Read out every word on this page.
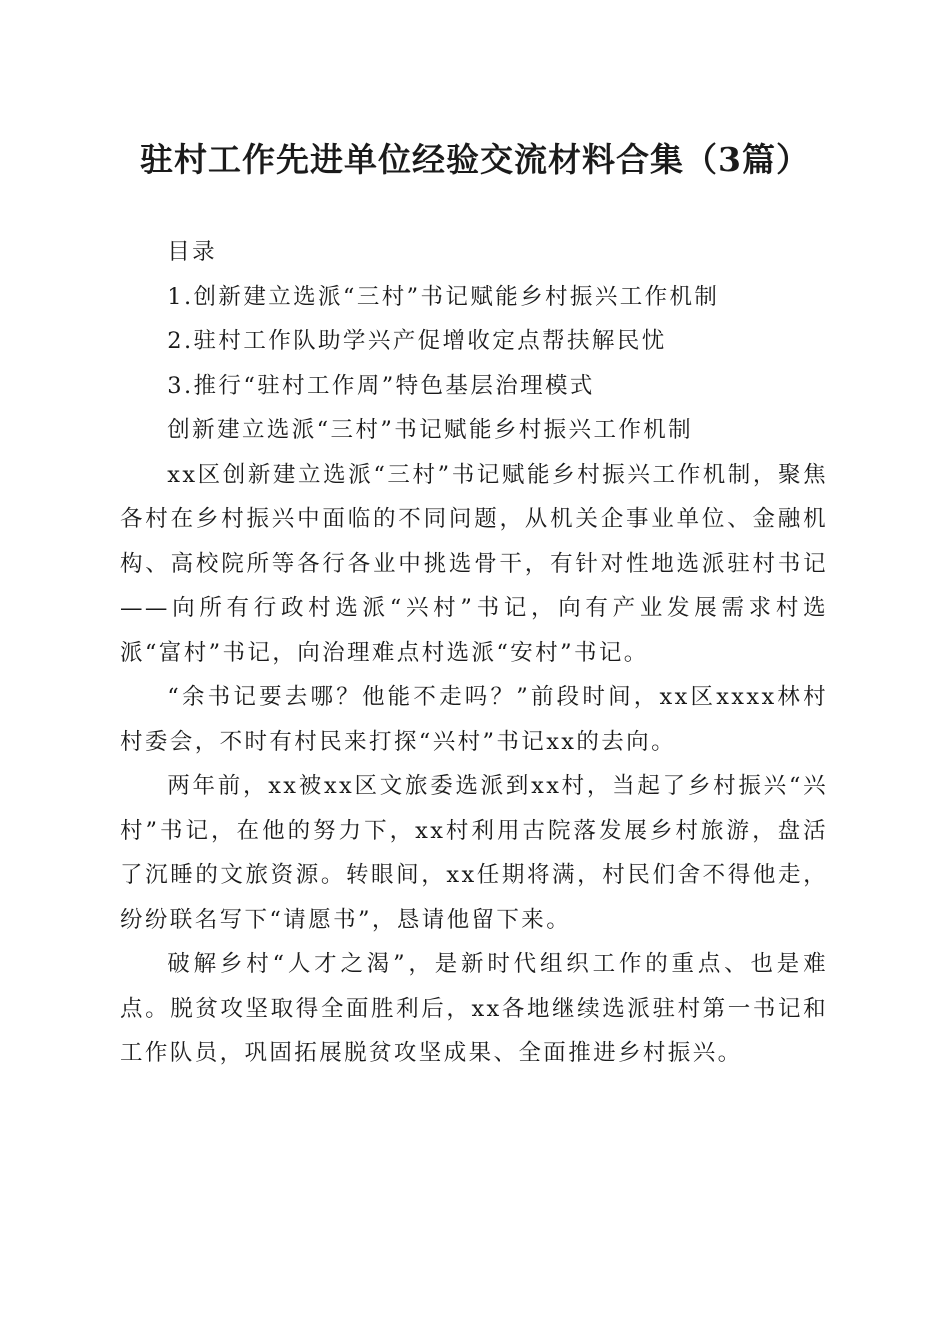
驻村工作先进单位经验交流材料合集（3篇）
目录
1.创新建立选派“三村”书记赋能乡村振兴工作机制
2.驻村工作队助学兴产促增收定点帮扶解民忧
3.推行“驻村工作周”特色基层治理模式
创新建立选派“三村”书记赋能乡村振兴工作机制

xx区创新建立选派“三村”书记赋能乡村振兴工作机制，聚焦各村在乡村振兴中面临的不同问题，从机关企事业单位、金融机构、高校院所等各行各业中挑选骨干，有针对性地选派驻村书记——向所有行政村选派“兴村”书记，向有产业发展需求村选派“富村”书记，向治理难点村选派“安村”书记。

“余书记要去哪？他能不走吗？”前段时间，xx区xxxx林村村委会，不时有村民来打探“兴村”书记xx的去向。

两年前，xx被xx区文旅委选派到xx村，当起了乡村振兴“兴村”书记，在他的努力下，xx村利用古院落发展乡村旅游，盘活了沉睡的文旅资源。转眼间，xx任期将满，村民们舍不得他走，纷纷联名写下“请愿书”，恳请他留下来。

破解乡村“人才之渴”，是新时代组织工作的重点、也是难点。脱贫攻坚取得全面胜利后，xx各地继续选派驻村第一书记和工作队员，巩固拓展脱贫攻坚成果、全面推进乡村振兴。
